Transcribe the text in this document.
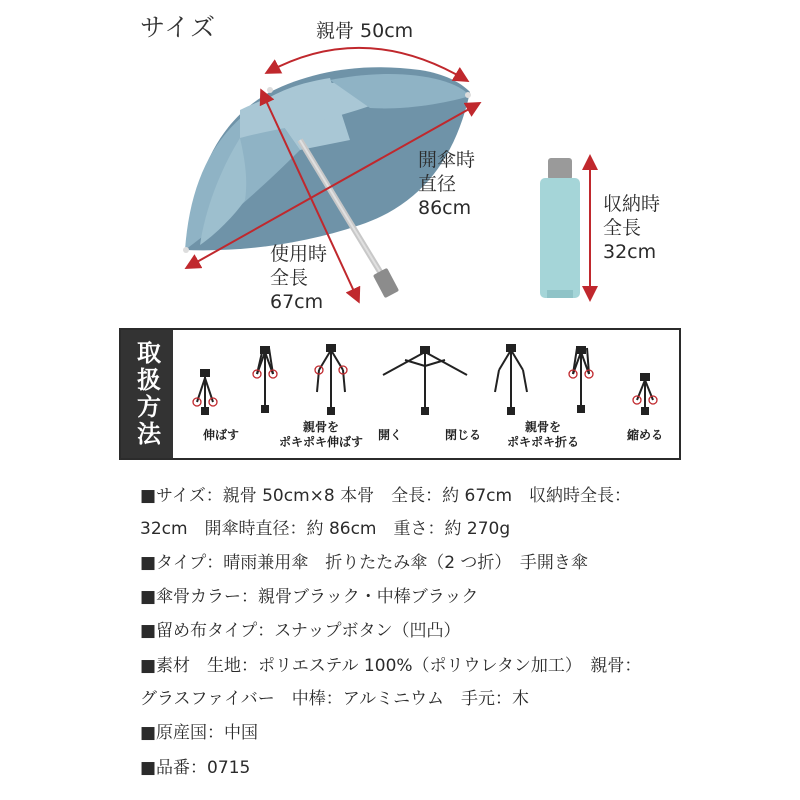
サイズ	親骨 50cm
開傘時
直径
86cm
使用時
全長
67cm
収納時
全長
32cm
取扱方法	伸ばす
親骨を
ポキポキ伸ばす 開く	閉じる
親骨を
ポキポキ折る	縮める
■サイズ：親骨 50cm×8 本骨　全長：約 67cm　収納時全長：
32cm　開傘時直径：約 86cm　重さ：約 270g
■タイプ：晴雨兼用傘　折りたたみ傘（2 つ折）　手開き傘
■傘骨カラー：親骨ブラック・中棒ブラック
■留め布タイプ：スナップボタン（凹凸）
■素材　生地：ポリエステル 100%（ポリウレタン加工）　親骨：
グラスファイバー　中棒：アルミニウム　手元：木
■原産国：中国
■品番：0715
